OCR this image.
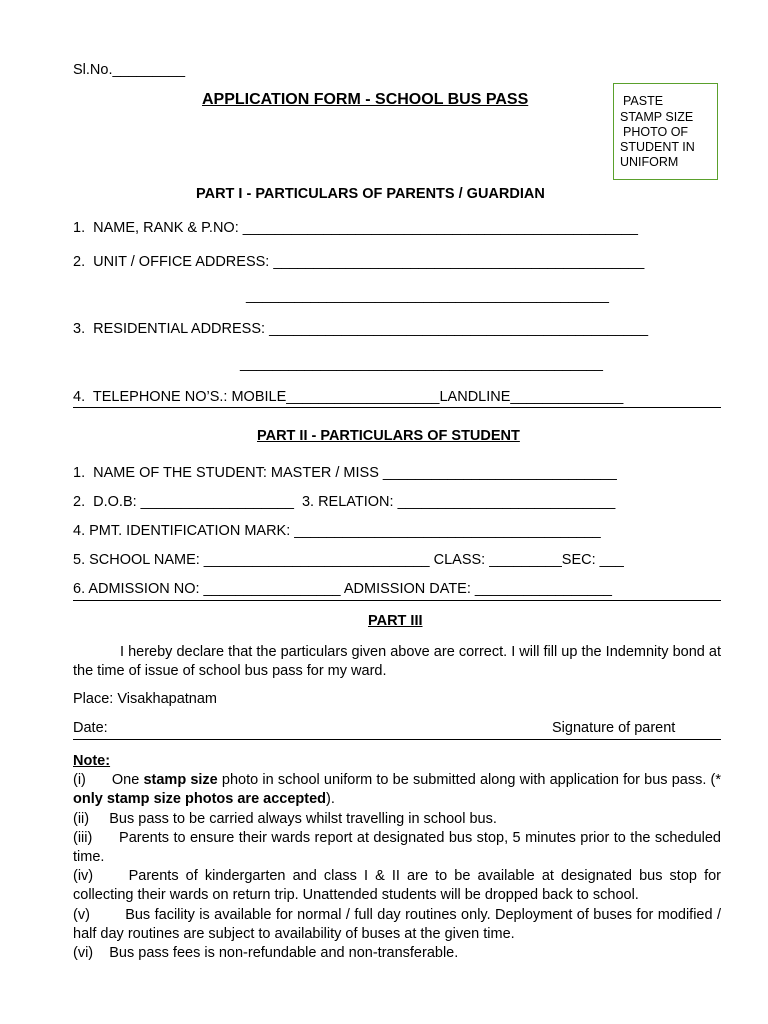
Sl.No._________
APPLICATION FORM - SCHOOL BUS PASS	PASTE
STAMP SIZE
PHOTO OF
STUDENT IN
UNIFORM
PART I - PARTICULARS OF PARENTS / GUARDIAN
1.  NAME, RANK & P.NO: _________________________________________________
2.  UNIT / OFFICE ADDRESS: ______________________________________________
_____________________________________________
3.  RESIDENTIAL ADDRESS: _______________________________________________
_____________________________________________
4.  TELEPHONE NO’S.: MOBILE___________________LANDLINE______________
PART II - PARTICULARS OF STUDENT
1.  NAME OF THE STUDENT: MASTER / MISS _____________________________
2.  D.O.B: ___________________  3. RELATION: ___________________________
4. PMT. IDENTIFICATION MARK: ______________________________________
5. SCHOOL NAME: ____________________________ CLASS: _________SEC: ___
6. ADMISSION NO: _________________ ADMISSION DATE: _________________
PART III
I hereby declare that the particulars given above are correct. I will fill up the Indemnity bond at the time of issue of school bus pass for my ward.
Place: Visakhapatnam
Date:	Signature of parent
Note:
(i) One stamp size photo in school uniform to be submitted along with application for bus pass. (* only stamp size photos are accepted).
(ii)     Bus pass to be carried always whilst travelling in school bus.
(iii)      Parents to ensure their wards report at designated bus stop, 5 minutes prior to the scheduled time.
(iv)     Parents of kindergarten and class I & II are to be available at designated bus stop for collecting their wards on return trip. Unattended students will be dropped back to school.
(v)        Bus facility is available for normal / full day routines only. Deployment of buses for modified / half day routines are subject to availability of buses at the given time.
(vi)    Bus pass fees is non-refundable and non-transferable.
